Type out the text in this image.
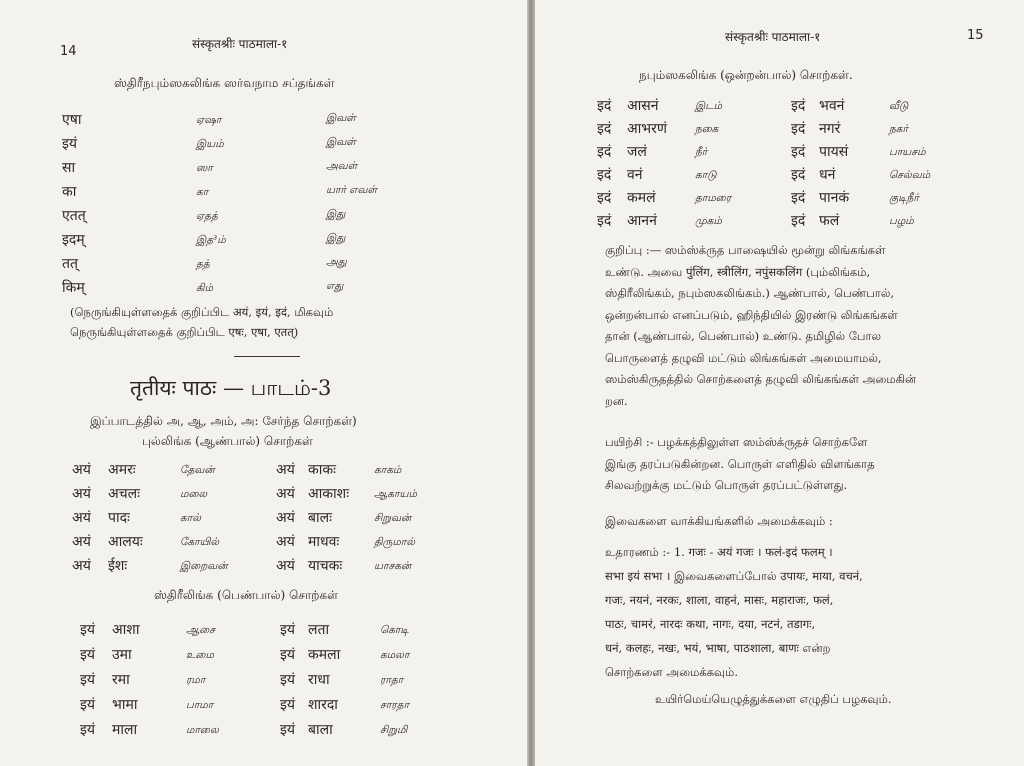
14	संस्कृतश्रीः पाठमाला-१
ஸ்திரீநபும்ஸகலிங்க ஸர்வநாம சப்தங்கள்
एषा	ஏஷா	இவள்
इयं	இயம்	இவள்
सा	ஸா	அவள்
का	கா	யார் எவள்
एतत्	ஏதத்	இது
इदम्	இத³ம்	இது
तत्	தத்	அது
किम्	கிம்	எது
(நெருங்கியுள்ளதைக் குறிப்பிட अयं, इयं, इदं, மிகவும்
நெருங்கியுள்ளதைக் குறிப்பிட एषः, एषा, एतत्)
तृतीयः पाठः — பாடம்-3
இப்பாடத்தில் அ, ஆ, அம், அ: சேர்ந்த சொற்கள்)
புல்லிங்க (ஆண்பால்) சொற்கள்
अयं अमरः	தேவன்	अयं काकः	காகம்
अयं अचलः	மலை	अयं आकाशः ஆகாயம்
अयं पादः	கால்	अयं बालः	சிறுவன்
अयं आलयः	கோயில்	अयं माधवः	திருமால்
अयं ईशः	இறைவன்	अयं याचकः	யாசகன்
ஸ்திரீலிங்க (பெண்பால்) சொற்கள்
इयं आशा	ஆசை	इयं लता	கொடி
इयं उमा	உமை	इयं कमला	கமலா
इयं रमा	ரமா	इयं राधा	ராதா
इयं भामा	பாமா	इयं शारदा	சாரதா
इयं माला	மாலை	इयं बाला	சிறுமி
संस्कृतश्रीः पाठमाला-१	15
நபும்ஸகலிங்க (ஒன்றன்பால்) சொற்கள்.
इदं आसनं	இடம்	इदं भवनं	வீடு
इदं आभरणं	நகை	इदं नगरं	நகர்
इदं जलं	நீர்	इदं पायसं	பாயசம்
इदं वनं	காடு	इदं धनं	செல்வம்
इदं कमलं	தாமரை	इदं पानकं	குடிநீர்
इदं आननं	முகம்	इदं फलं	பழம்
குறிப்பு :— ஸம்ஸ்க்ருத பாஷையில் மூன்று லிங்கங்கள்
உண்டு. அவை पुंलिंग, स्त्रीलिंग, नपुंसकलिंग (பும்லிங்கம்,
ஸ்திரீலிங்கம், நபும்ஸகலிங்கம்.) ஆண்பால், பெண்பால்,
ஒன்றன்பால் எனப்படும், ஹிந்தியில் இரண்டு லிங்கங்கள்
தான் (ஆண்பால், பெண்பால்) உண்டு. தமிழில் போல
பொருளைத் தழுவி மட்டும் லிங்கங்கள் அமையாமல்,
ஸம்ஸ்கிருதத்தில் சொற்களைத் தழுவி லிங்கங்கள் அமைகின்
றன.
பயிற்சி :- பழக்கத்திலுள்ள ஸம்ஸ்க்ருதச் சொற்களே
இங்கு தரப்படுகின்றன. பொருள் எளிதில் விளங்காத
சிலவற்றுக்கு மட்டும் பொருள் தரப்பட்டுள்ளது.
இவைகளை வாக்கியங்களில் அமைக்கவும் :
உதாரணம் :- 1. गजः - अयं गजः । फलं-इदं फलम् ।
सभा इयं सभा । இவைகளைப்போல் उपायः, माया, वचनं,
गजः, नयनं, नरकः, शाला, वाहनं, मासः, महाराजः, फलं,
पाठः, चामरं, नारदः कथा, नागः, दया, नटनं, तडागः,
धनं, कलहः, नखः, भयं, भाषा, पाठशाला, बाणः என்ற
சொற்களை அமைக்கவும்.
உயிர்மெய்யெழுத்துக்களை எழுதிப் பழகவும்.
